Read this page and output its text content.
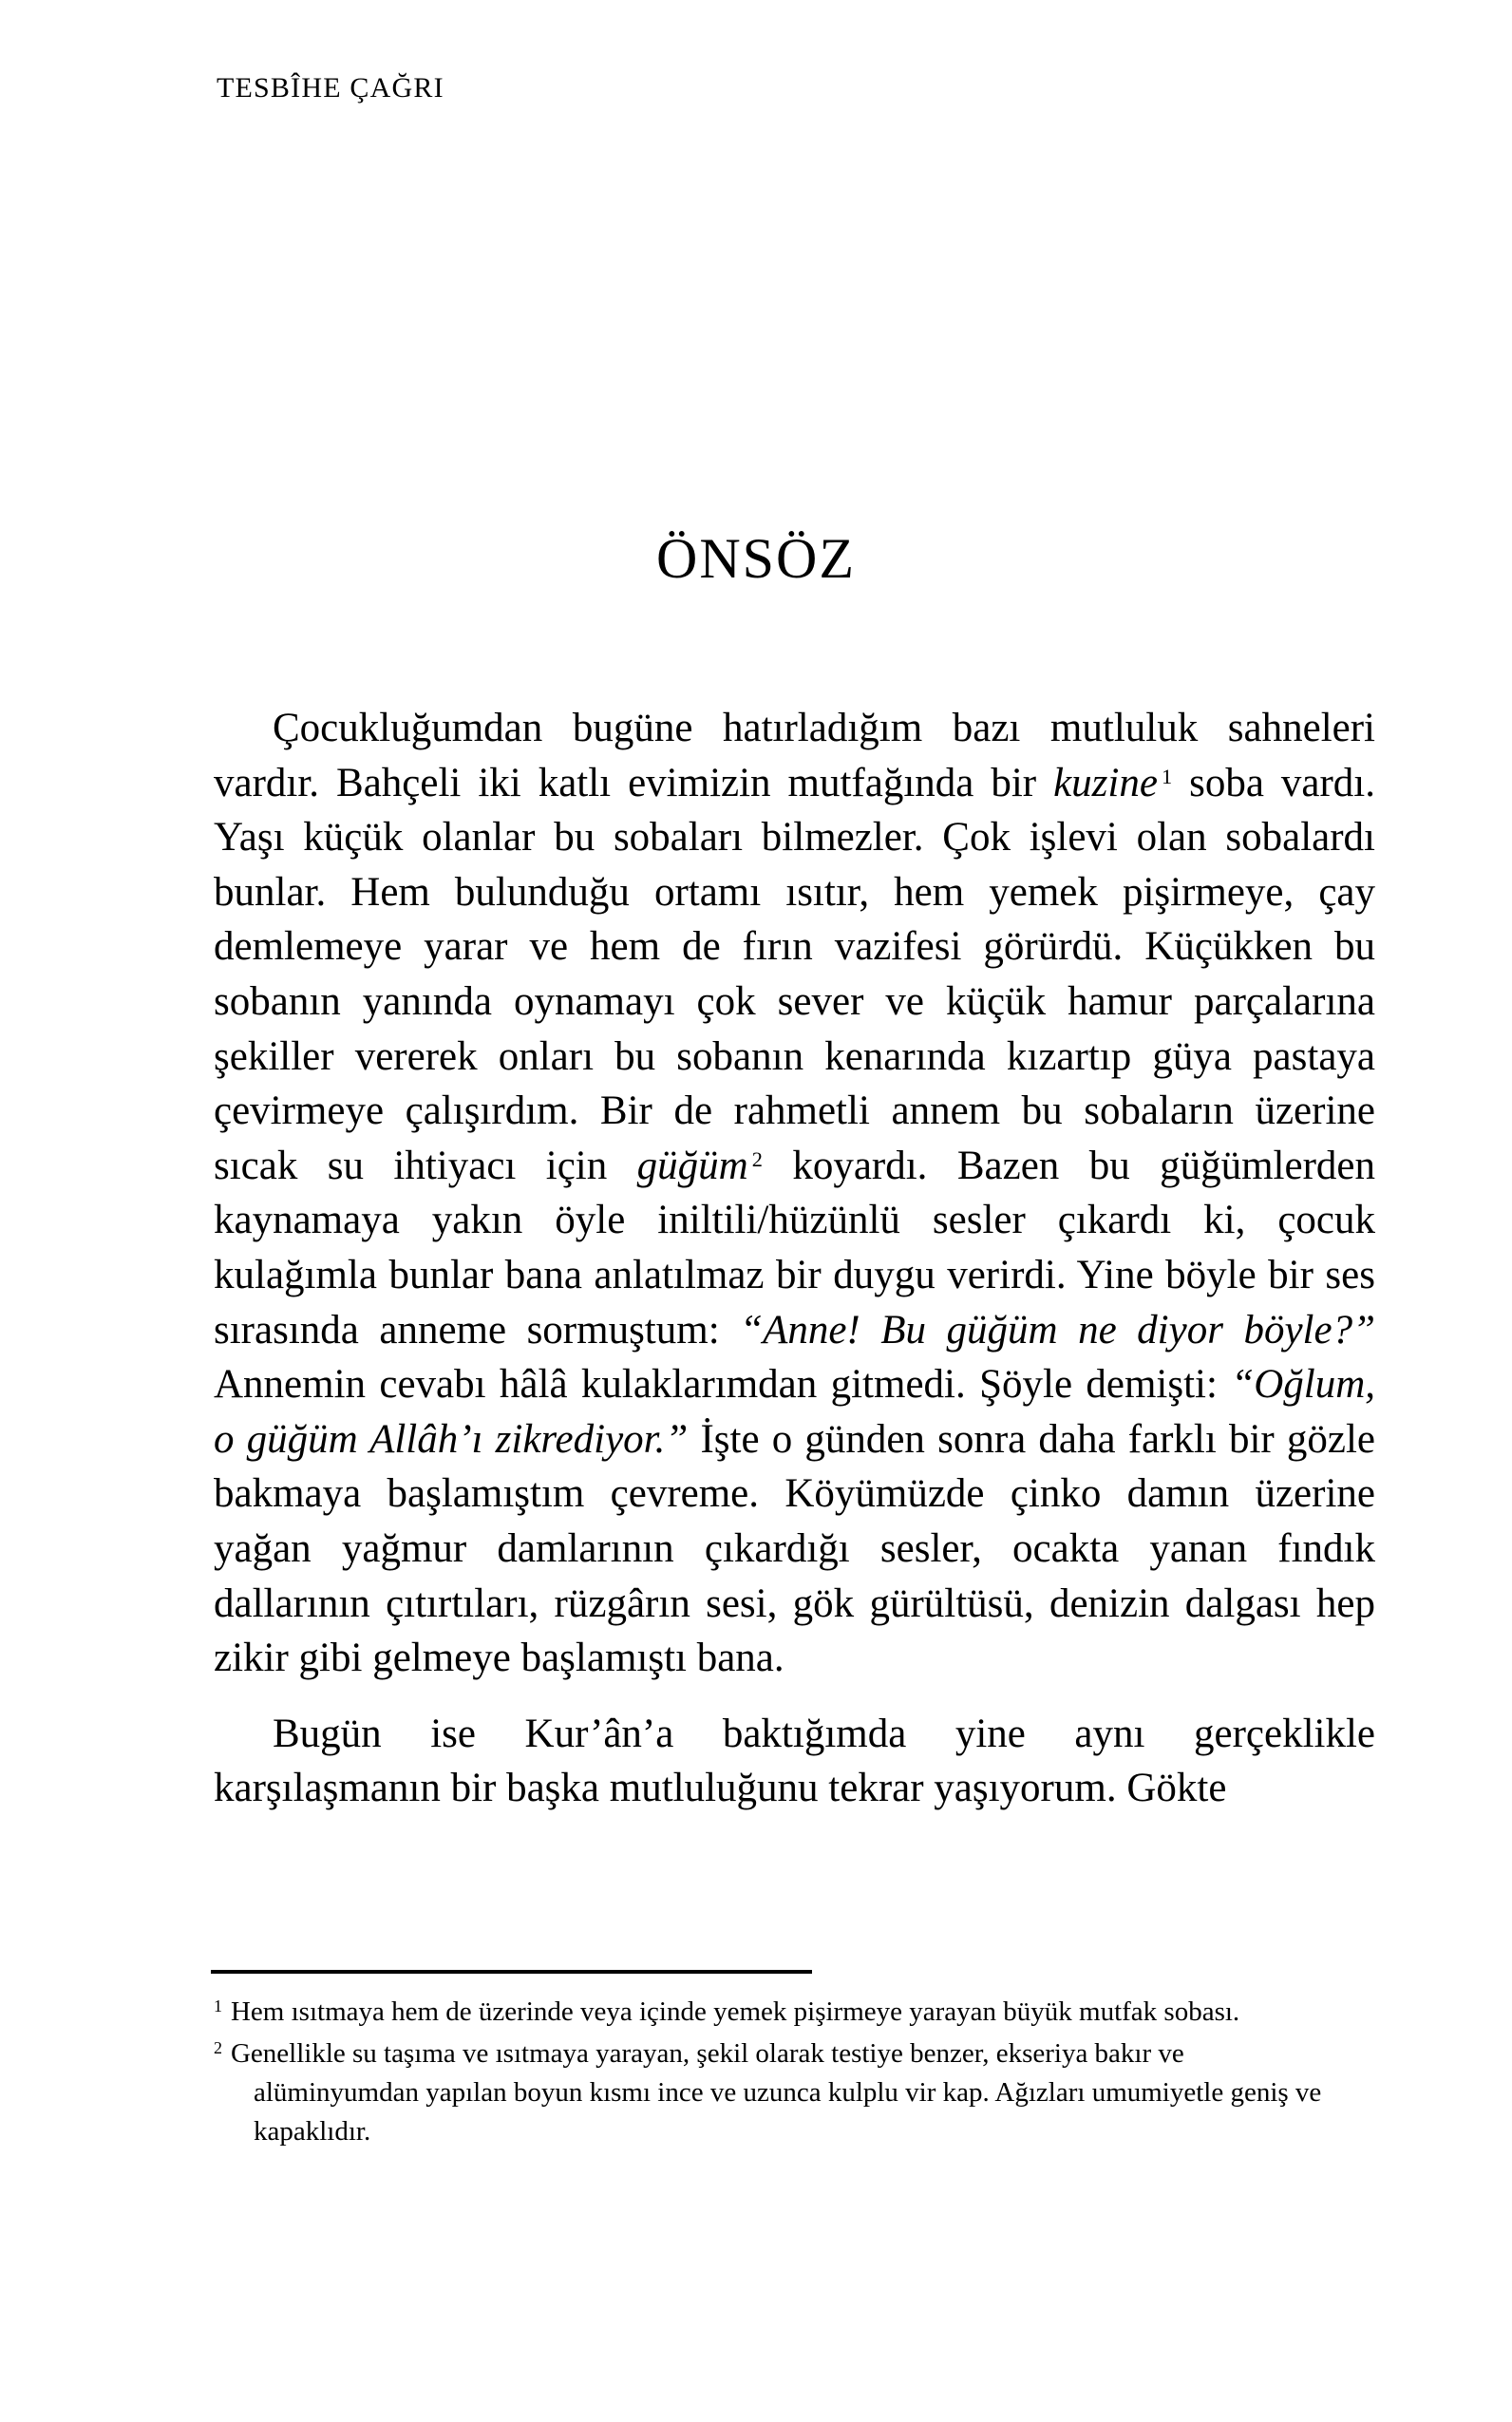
TESBÎHE ÇAĞRI
ÖNSÖZ

Çocukluğumdan bugüne hatırladığım bazı mutluluk sahneleri vardır. Bahçeli iki katlı evimizin mutfağında bir kuzine $^1$ soba vardı. Yaşı küçük olanlar bu sobaları bilmezler. Çok işlevi olan sobalardı bunlar. Hem bulunduğu ortamı ısıtır, hem yemek pişirmeye, çay demlemeye yarar ve hem de fırın vazifesi görürdü. Küçükken bu sobanın yanında oynamayı çok sever ve küçük hamur parçalarına şekiller vererek onları bu sobanın kenarında kızartıp güya pastaya çevirmeye çalışırdım. Bir de rahmetli annem bu sobaların üzerine sıcak su ihtiyacı için güğüm $^2$ koyardı. Bazen bu güğümlerden kaynamaya yakın öyle iniltili/hüzünlü sesler çıkardı ki, çocuk kulağımla bunlar bana anlatılmaz bir duygu verirdi. Yine böyle bir ses sırasında anneme sormuştum: “Anne! Bu güğüm ne diyor böyle?” Annemin cevabı hâlâ kulaklarımdan gitmedi. Şöyle demişti: “Oğlum, o güğüm Allâh’ı zikrediyor.” İşte o günden sonra daha farklı bir gözle bakmaya başlamıştım çevreme. Köyümüzde çinko damın üzerine yağan yağmur damlarının çıkardığı sesler, ocakta yanan fındık dallarının çıtırtıları, rüzgârın sesi, gök gürültüsü, denizin dalgası hep zikir gibi gelmeye başlamıştı bana.

Bugün ise Kur’ân’a baktığımda yine aynı gerçeklikle karşılaşmanın bir başka mutluluğunu tekrar yaşıyorum. Gökte

$^1$ Hem ısıtmaya hem de üzerinde veya içinde yemek pişirmeye yarayan büyük mutfak sobası.

$^2$ Genellikle su taşıma ve ısıtmaya yarayan, şekil olarak testiye benzer, ekseriya bakır ve alüminyumdan yapılan boyun kısmı ince ve uzunca kulplu vir kap. Ağızları umumiyetle geniş ve kapaklıdır.
